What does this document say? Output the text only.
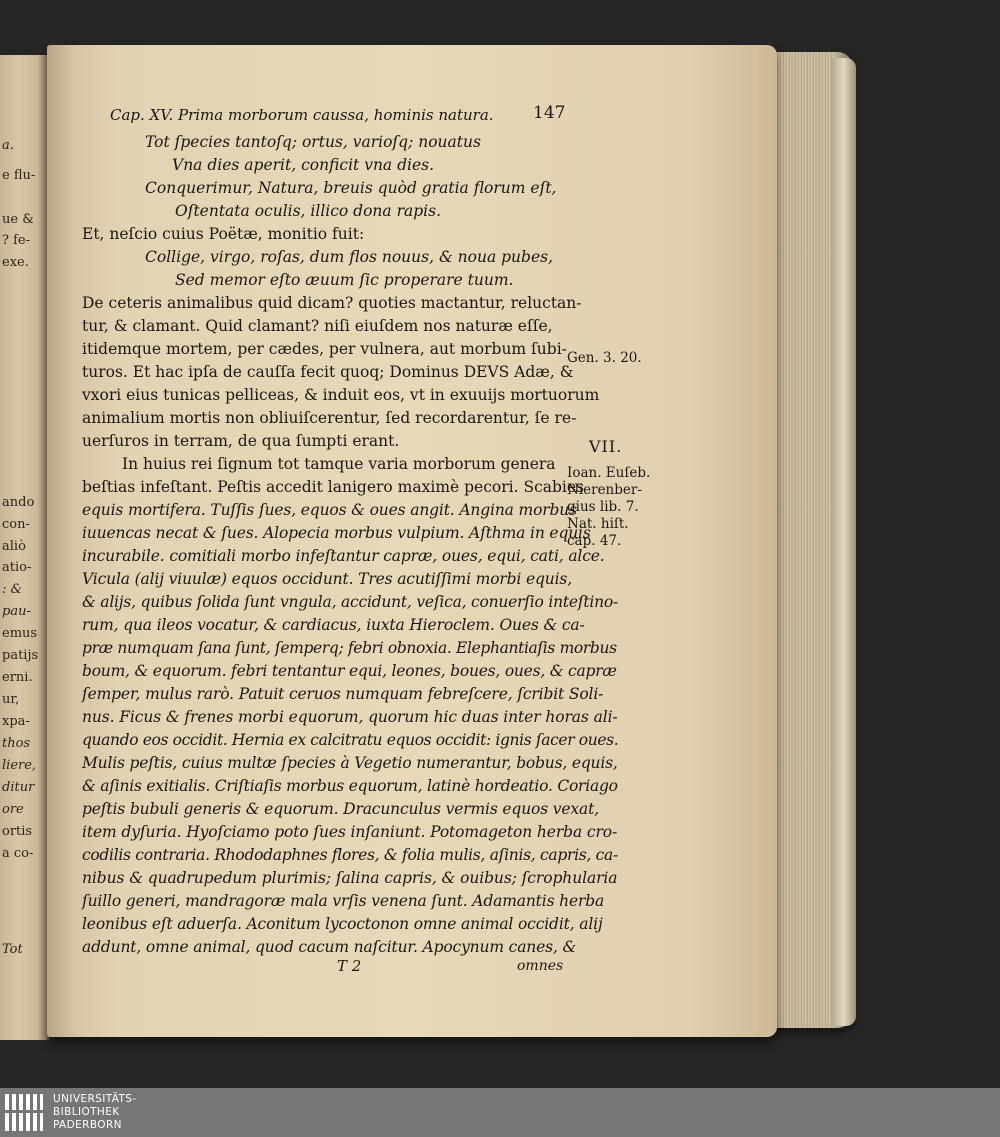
a.
e flu-
ue &
? fe-
exe.
ando
con-
aliò
atio-
: &
pau-
emus
patijs
erni.
ur,
xpa-
thos
liere,
ditur
ore
ortis
a co-
Tot
Cap. XV. Prima morborum caussa, hominis natura. 147
Tot ſpecies tantoſq; ortus, varioſq; nouatus
Vna dies aperit, conficit vna dies.
Conquerimur, Natura, breuis quòd gratia florum eſt,
Oſtentata oculis, illico dona rapis.
Et, neſcio cuius Poëtæ, monitio fuit:
Collige, virgo, roſas, dum flos nouus, & noua pubes,
Sed memor eſto æuum ſic properare tuum.
De ceteris animalibus quid dicam? quoties mactantur, reluctan-
tur, & clamant. Quid clamant? niſi eiuſdem nos naturæ eſſe,
itidemque mortem, per cædes, per vulnera, aut morbum ſubi-
turos. Et hac ipſa de cauſſa fecit quoq; Dominus DEVS Adæ, &
vxori eius tunicas pelliceas, & induit eos, vt in exuuijs mortuorum
animalium mortis non obliuiſcerentur, ſed recordarentur, ſe re-
uerſuros in terram, de qua ſumpti erant.
In huius rei ſignum tot tamque varia morborum genera
beſtias infeſtant. Peſtis accedit lanigero maximè pecori. Scabies
equis mortifera. Tuſſis ſues, equos & oues angit. Angina morbus
iuuencas necat & ſues. Alopecia morbus vulpium. Aſthma in equis
incurabile. comitiali morbo infeſtantur capræ, oues, equi, cati, alce.
Vicula (alij viuulæ) equos occidunt. Tres acutiſſimi morbi equis,
& alijs, quibus ſolida ſunt vngula, accidunt, veſica, conuerſio inteſtino-
rum, qua ileos vocatur, & cardiacus, iuxta Hieroclem. Oues & ca-
præ numquam ſana ſunt, ſemperq; febri obnoxia. Elephantiaſis morbus
boum, & equorum. febri tentantur equi, leones, boues, oues, & capræ
ſemper, mulus rarò. Patuit ceruos numquam febreſcere, ſcribit Soli-
nus. Ficus & frenes morbi equorum, quorum hic duas inter horas ali-
quando eos occidit. Hernia ex calcitratu equos occidit: ignis ſacer oues.
Mulis peſtis, cuius multæ ſpecies à Vegetio numerantur, bobus, equis,
& aſinis exitialis. Criſtiaſis morbus equorum, latinè hordeatio. Coriago
peſtis bubuli generis & equorum. Dracunculus vermis equos vexat,
item dyſuria. Hyoſciamo poto ſues inſaniunt. Potomageton herba cro-
codilis contraria. Rhododaphnes flores, & folia mulis, aſinis, capris, ca-
nibus & quadrupedum plurimis; ſalina capris, & ouibus; ſcrophularia
ſuillo generi, mandragoræ mala vrſis venena ſunt. Adamantis herba
leonibus eſt aduerſa. Aconitum lycoctonon omne animal occidit, alij
addunt, omne animal, quod cacum naſcitur. Apocynum canes, &
T 2	omnes
Gen. 3. 20.
VII.
Ioan. Euſeb.
Nierenber-
gius lib. 7.
Nat. hiſt.
cap. 47.
UNIVERSITÄTS-
BIBLIOTHEK
PADERBORN
